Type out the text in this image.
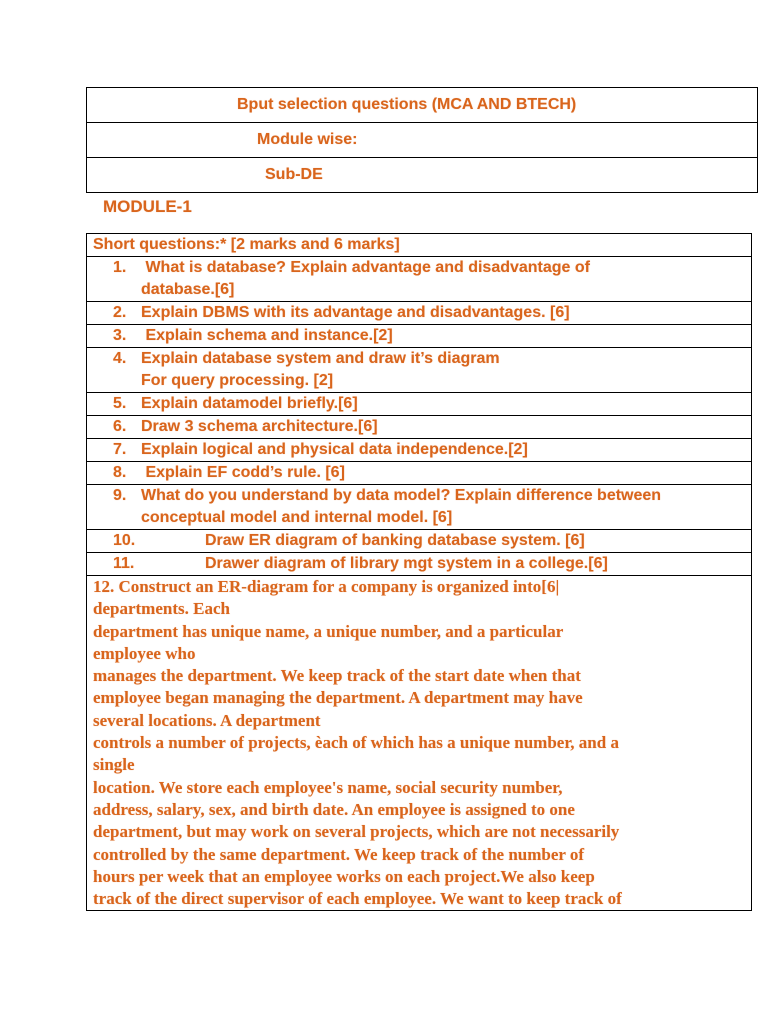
Bput selection questions (MCA AND BTECH)
Module wise:
Sub-DE
MODULE-1
Short questions:* [2 marks and 6 marks]
1. What is database? Explain advantage and disadvantage of
database.[6]

2. Explain DBMS with its advantage and disadvantages. [6]
3. Explain schema and instance.[2]
4. Explain database system and draw it’s diagram
For query processing. [2]

5. Explain datamodel briefly.[6]
6. Draw 3 schema architecture.[6]
7. Explain logical and physical data independence.[2]
8. Explain EF codd’s rule. [6]
9. What do you understand by data model? Explain difference between
conceptual model and internal model. [6]

10.	Draw ER diagram of banking database system. [6]
11.	Drawer diagram of library mgt system in a college.[6]

12. Construct an ER-diagram for a company is organized into[6|
departments. Each
department has unique name, a unique number, and a particular
employee who
manages the department. We keep track of the start date when that
employee began managing the department. A department may have
several locations. A department
controls a number of projects, èach of which has a unique number, and a
single
location. We store each employee's name, social security number,
address, salary, sex, and birth date. An employee is assigned to one
department, but may work on several projects, which are not necessarily
controlled by the same department. We keep track of the number of
hours per week that an employee works on each project.We also keep
track of the direct supervisor of each employee. We want to keep track of
